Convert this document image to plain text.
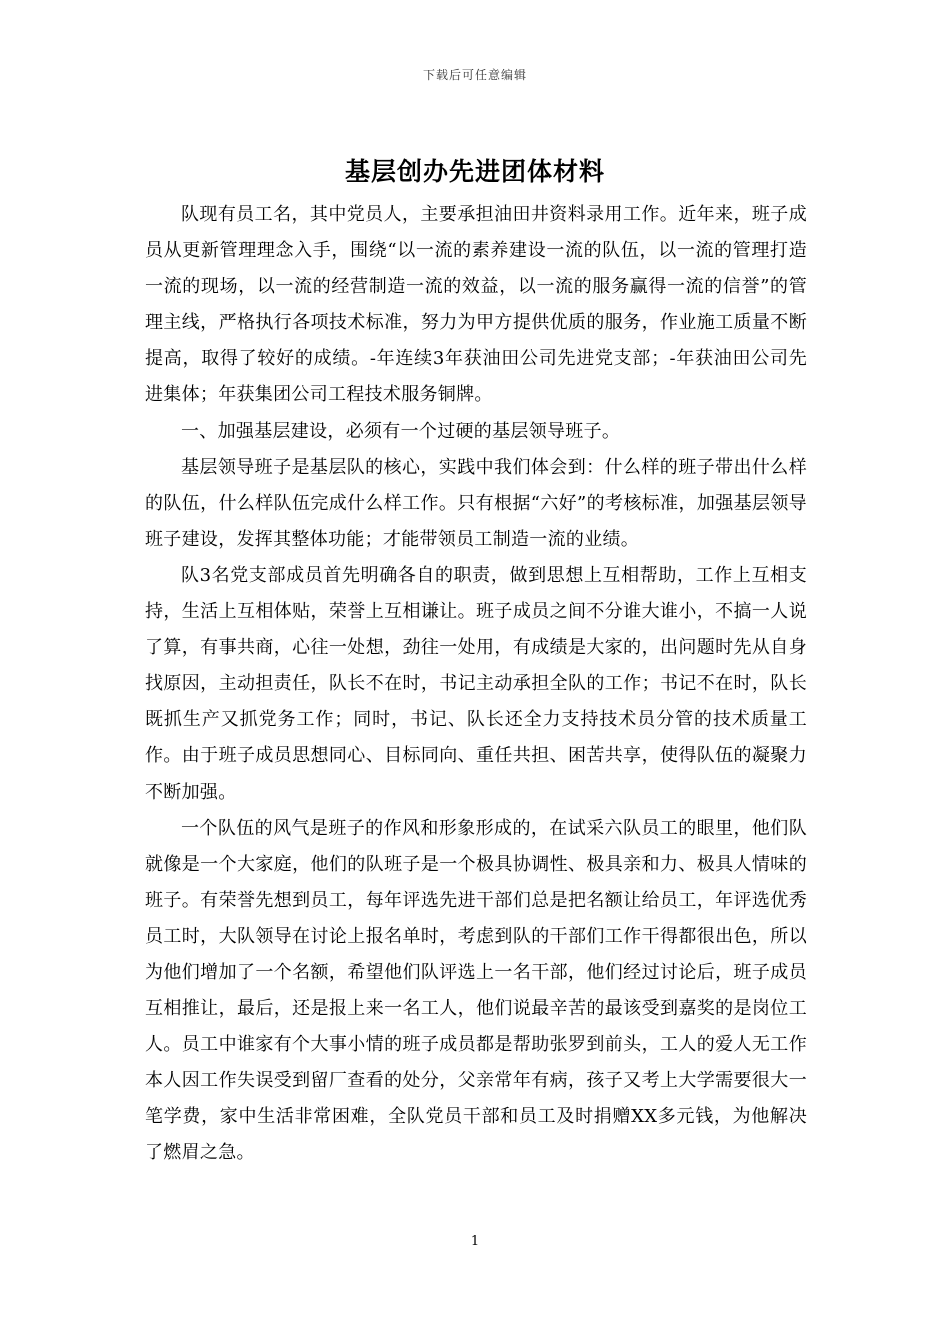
下载后可任意编辑
基层创办先进团体材料

队现有员工名，其中党员人，主要承担油田井资料录用工作。近年来，班子成员从更新管理理念入手，围绕“以一流的素养建设一流的队伍，以一流的管理打造一流的现场，以一流的经营制造一流的效益，以一流的服务赢得一流的信誉”的管理主线，严格执行各项技术标准，努力为甲方提供优质的服务，作业施工质量不断提高，取得了较好的成绩。-年连续3年获油田公司先进党支部；-年获油田公司先进集体；年获集团公司工程技术服务铜牌。

一、加强基层建设，必须有一个过硬的基层领导班子。

基层领导班子是基层队的核心，实践中我们体会到：什么样的班子带出什么样的队伍，什么样队伍完成什么样工作。只有根据“六好”的考核标准，加强基层领导班子建设，发挥其整体功能；才能带领员工制造一流的业绩。

队3名党支部成员首先明确各自的职责，做到思想上互相帮助，工作上互相支持，生活上互相体贴，荣誉上互相谦让。班子成员之间不分谁大谁小，不搞一人说了算，有事共商，心往一处想，劲往一处用，有成绩是大家的，出问题时先从自身找原因，主动担责任，队长不在时，书记主动承担全队的工作；书记不在时，队长既抓生产又抓党务工作；同时，书记、队长还全力支持技术员分管的技术质量工作。由于班子成员思想同心、目标同向、重任共担、困苦共享，使得队伍的凝聚力不断加强。

一个队伍的风气是班子的作风和形象形成的，在试采六队员工的眼里，他们队就像是一个大家庭，他们的队班子是一个极具协调性、极具亲和力、极具人情味的班子。有荣誉先想到员工，每年评选先进干部们总是把名额让给员工，年评选优秀员工时，大队领导在讨论上报名单时，考虑到队的干部们工作干得都很出色，所以为他们增加了一个名额，希望他们队评选上一名干部，他们经过讨论后，班子成员互相推让，最后，还是报上来一名工人，他们说最辛苦的最该受到嘉奖的是岗位工人。员工中谁家有个大事小情的班子成员都是帮助张罗到前头，工人的爱人无工作本人因工作失误受到留厂查看的处分，父亲常年有病，孩子又考上大学需要很大一笔学费，家中生活非常困难，全队党员干部和员工及时捐赠XX多元钱，为他解决了燃眉之急。

1
